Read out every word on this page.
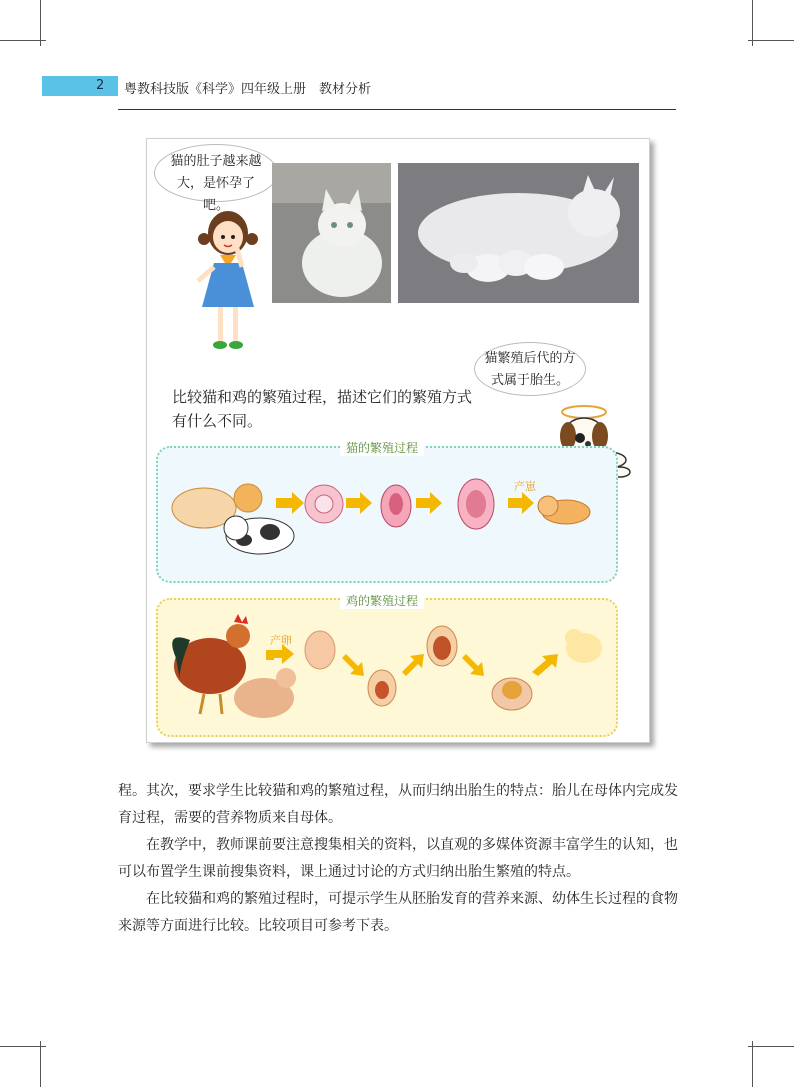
2 粤教科技版《科学》四年级上册　教材分析
猫的肚子越来越大，是怀孕了吧。
猫繁殖后代的方式属于胎生。
比较猫和鸡的繁殖过程，描述它们的繁殖方式有什么不同。
猫的繁殖过程
产崽
鸡的繁殖过程
产卵

程。其次，要求学生比较猫和鸡的繁殖过程，从而归纳出胎生的特点：胎儿在母体内完成发育过程，需要的营养物质来自母体。

在教学中，教师课前要注意搜集相关的资料，以直观的多媒体资源丰富学生的认知，也可以布置学生课前搜集资料，课上通过讨论的方式归纳出胎生繁殖的特点。

在比较猫和鸡的繁殖过程时，可提示学生从胚胎发育的营养来源、幼体生长过程的食物来源等方面进行比较。比较项目可参考下表。
